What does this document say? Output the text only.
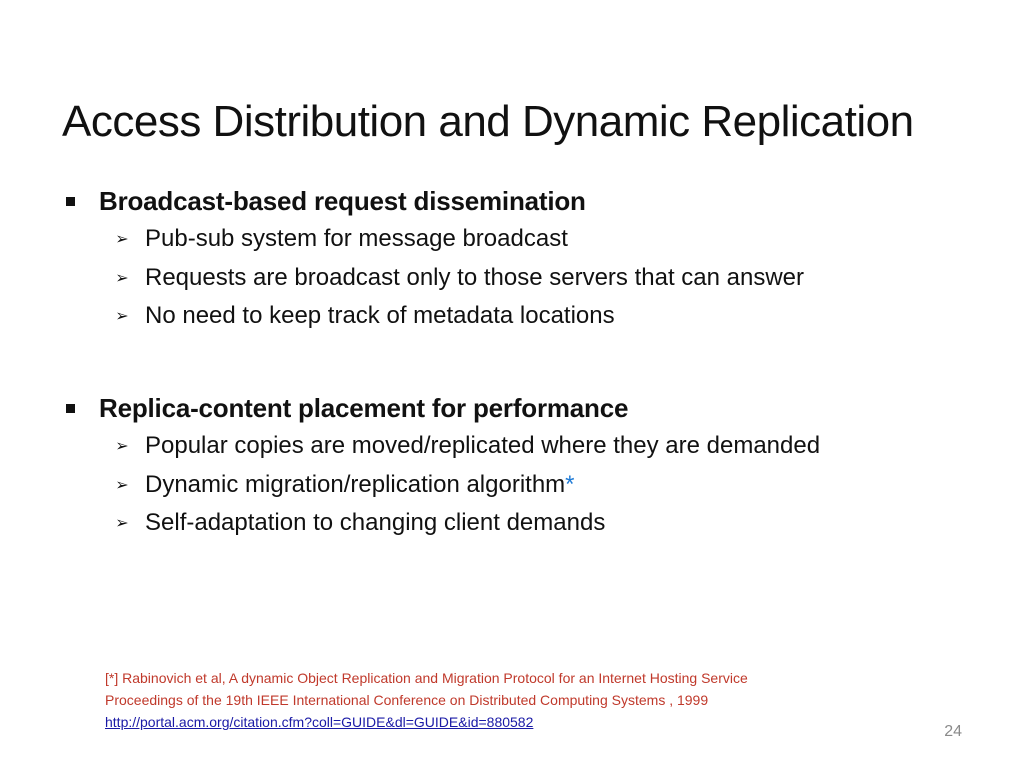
Access Distribution and Dynamic Replication
Broadcast-based request dissemination
➢ Pub-sub system for message broadcast
➢ Requests are broadcast only to those servers that can answer
➢ No need to keep track of metadata locations
Replica-content placement for performance
➢ Popular copies are moved/replicated where they are demanded
➢ Dynamic migration/replication algorithm *
➢ Self-adaptation to changing client demands
[*] Rabinovich et al, A dynamic Object Replication and Migration Protocol for an Internet Hosting Service
Proceedings of the 19th IEEE International Conference on Distributed Computing Systems , 1999
http://portal.acm.org/citation.cfm?coll=GUIDE&dl=GUIDE&id=880582
24
